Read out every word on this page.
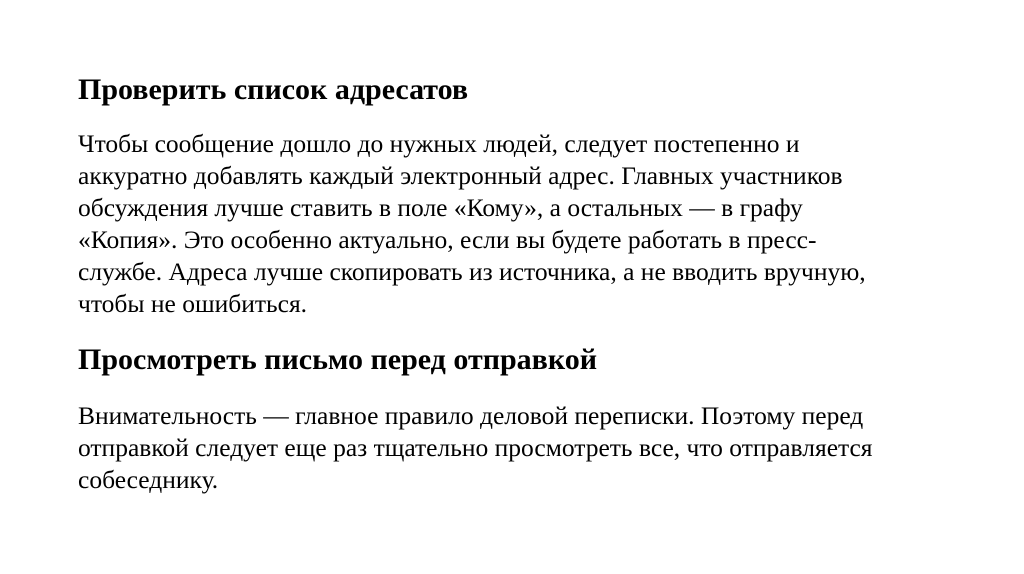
Проверить список адресатов

Чтобы сообщение дошло до нужных людей, следует постепенно и
аккуратно добавлять каждый электронный адрес. Главных участников
обсуждения лучше ставить в поле «Кому», а остальных — в графу
«Копия». Это особенно актуально, если вы будете работать в пресс-
службе. Адреса лучше скопировать из источника, а не вводить вручную,
чтобы не ошибиться.

Просмотреть письмо перед отправкой

Внимательность — главное правило деловой переписки. Поэтому перед
отправкой следует еще раз тщательно просмотреть все, что отправляется
собеседнику.
